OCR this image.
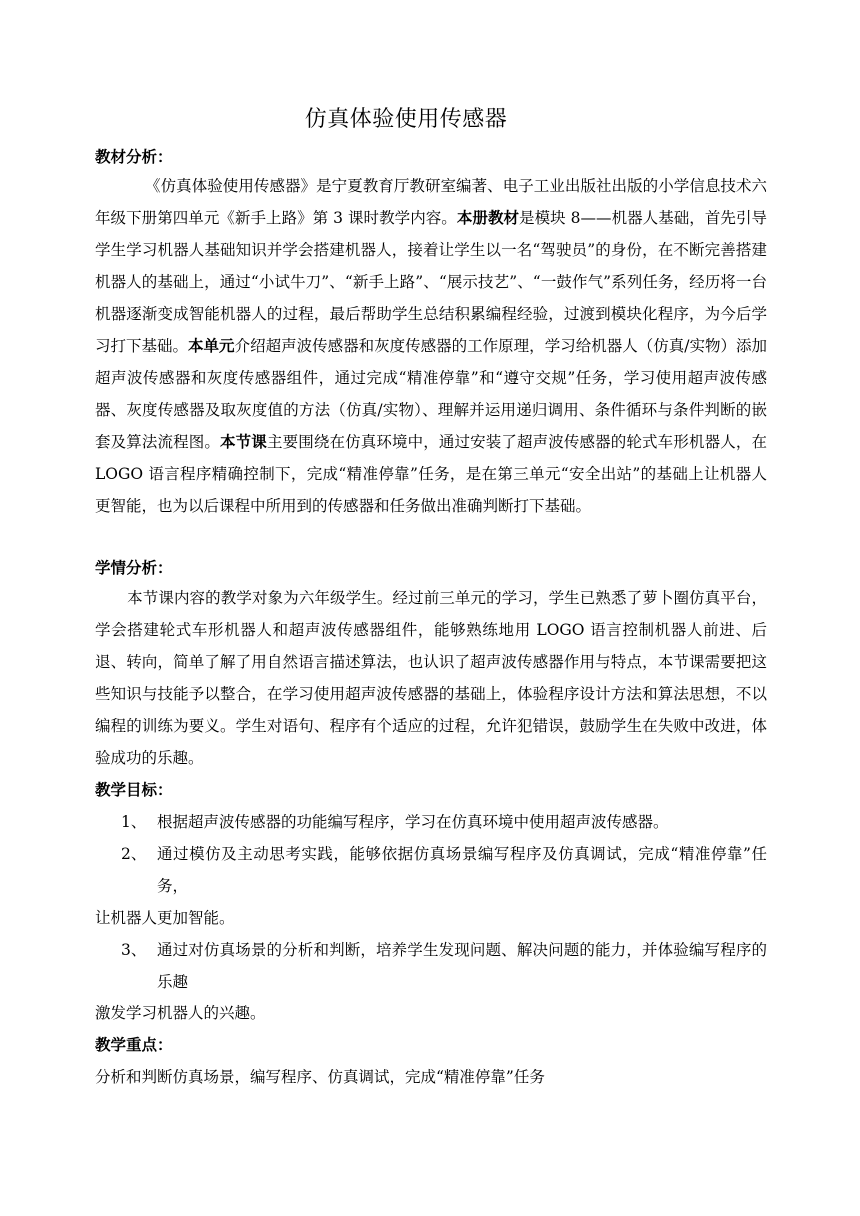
仿真体验使用传感器
教材分析：

《仿真体验使用传感器》是宁夏教育厅教研室编著、电子工业出版社出版的小学信息技术六年级下册第四单元《新手上路》第 3 课时教学内容。本册教材是模块 8——机器人基础，首先引导学生学习机器人基础知识并学会搭建机器人，接着让学生以一名“驾驶员”的身份，在不断完善搭建机器人的基础上，通过“小试牛刀”、“新手上路”、“展示技艺”、“一鼓作气”系列任务，经历将一台机器逐渐变成智能机器人的过程，最后帮助学生总结积累编程经验，过渡到模块化程序，为今后学习打下基础。本单元介绍超声波传感器和灰度传感器的工作原理，学习给机器人（仿真/实物）添加超声波传感器和灰度传感器组件，通过完成“精准停靠”和“遵守交规”任务，学习使用超声波传感器、灰度传感器及取灰度值的方法（仿真/实物）、理解并运用递归调用、条件循环与条件判断的嵌套及算法流程图。本节课主要围绕在仿真环境中，通过安装了超声波传感器的轮式车形机器人，在 LOGO 语言程序精确控制下，完成“精准停靠”任务，是在第三单元“安全出站”的基础上让机器人更智能，也为以后课程中所用到的传感器和任务做出准确判断打下基础。

学情分析：

本节课内容的教学对象为六年级学生。经过前三单元的学习，学生已熟悉了萝卜圈仿真平台，学会搭建轮式车形机器人和超声波传感器组件，能够熟练地用 LOGO 语言控制机器人前进、后退、转向，简单了解了用自然语言描述算法，也认识了超声波传感器作用与特点，本节课需要把这些知识与技能予以整合，在学习使用超声波传感器的基础上，体验程序设计方法和算法思想，不以编程的训练为要义。学生对语句、程序有个适应的过程，允许犯错误，鼓励学生在失败中改进，体验成功的乐趣。

教学目标：
1、 根据超声波传感器的功能编写程序，学习在仿真环境中使用超声波传感器。
2、 通过模仿及主动思考实践，能够依据仿真场景编写程序及仿真调试，完成“精准停靠”任务，

让机器人更加智能。

3、 通过对仿真场景的分析和判断，培养学生发现问题、解决问题的能力，并体验编写程序的乐趣

激发学习机器人的兴趣。

教学重点：

分析和判断仿真场景，编写程序、仿真调试，完成“精准停靠”任务
